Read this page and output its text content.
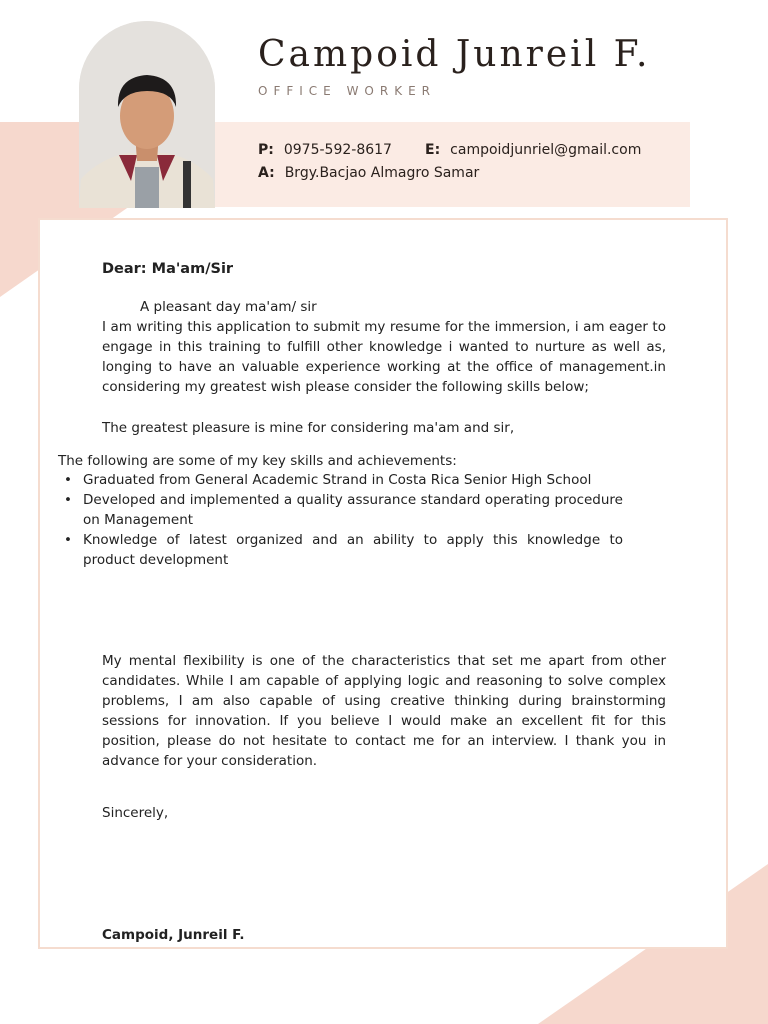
Campoid Junreil F.
OFFICE WORKER
P: 0975-592-8617 E: campoidjunriel@gmail.com
A: Brgy.Bacjao Almagro Samar
Dear: Ma'am/Sir
A pleasant day ma'am/ sir
I am writing this application to submit my resume for the immersion, i am eager to engage in this training to fulfill other knowledge i wanted to nurture as well as, longing to have an valuable experience working at the office of management.in considering my greatest wish please consider the following skills below;
The greatest pleasure is mine for considering ma'am and sir,
The following are some of my key skills and achievements:
• Graduated from General Academic Strand in Costa Rica Senior High School
• Developed and implemented a quality assurance standard operating procedure on Management
• Knowledge of latest organized and an ability to apply this knowledge to product development
My mental flexibility is one of the characteristics that set me apart from other candidates. While I am capable of applying logic and reasoning to solve complex problems, I am also capable of using creative thinking during brainstorming sessions for innovation. If you believe I would make an excellent fit for this position, please do not hesitate to contact me for an interview. I thank you in advance for your consideration.
Sincerely,
Campoid, Junreil F.
